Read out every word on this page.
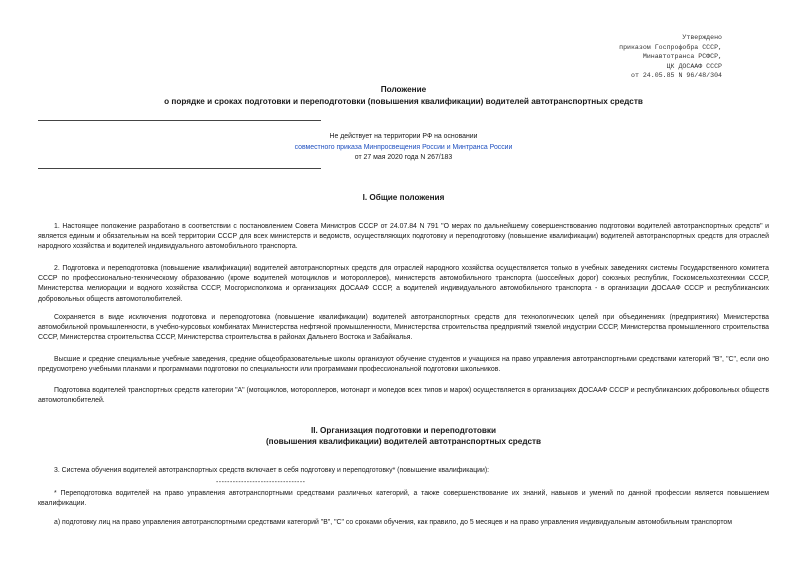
Утверждено
приказом Госпрофобра СССР,
Минавтотранса РСФСР,
ЦК ДОСААФ СССР
от 24.05.85 N 96/48/304
Положение
о порядке и сроках подготовки и переподготовки (повышения квалификации) водителей автотранспортных средств
Не действует на территории РФ на основании
совместного приказа Минпросвещения России и Минтранса России
от 27 мая 2020 года N 267/183
I. Общие положения

1. Настоящее положение разработано в соответствии с постановлением Совета Министров СССР от 24.07.84 N 791 "О мерах по дальнейшему совершенствованию подготовки водителей автотранспортных средств" и является единым и обязательным на всей территории СССР для всех министерств и ведомств, осуществляющих подготовку и переподготовку (повышение квалификации) водителей автотранспортных средств для отраслей народного хозяйства и водителей индивидуального автомобильного транспорта.

2. Подготовка и переподготовка (повышение квалификации) водителей автотранспортных средств для отраслей народного хозяйства осуществляется только в учебных заведениях системы Государственного комитета СССР по профессионально-техническому образованию (кроме водителей мотоциклов и мотороллеров), министерств автомобильного транспорта (шоссейных дорог) союзных республик, Госкомсельхозтехники СССР, Министерства мелиорации и водного хозяйства СССР, Мосгорисполкома и организациях ДОСААФ СССР, а водителей индивидуального автомобильного транспорта - в организации ДОСААФ СССР и республиканских добровольных обществ автомотолюбителей.

Сохраняется в виде исключения подготовка и переподготовка (повышение квалификации) водителей автотранспортных средств для технологических целей при объединениях (предприятиях) Министерства автомобильной промышленности, в учебно-курсовых комбинатах Министерства нефтяной промышленности, Министерства строительства предприятий тяжелой индустрии СССР, Министерства промышленного строительства СССР, Министерства строительства СССР, Министерства строительства в районах Дальнего Востока и Забайкалья.

Высшие и средние специальные учебные заведения, средние общеобразовательные школы организуют обучение студентов и учащихся на право управления автотранспортными средствами категорий "В", "С", если оно предусмотрено учебными планами и программами подготовки по специальности или программами профессиональной подготовки школьников.

Подготовка водителей транспортных средств категории "А" (мотоциклов, мотороллеров, мотонарт и мопедов всех типов и марок) осуществляется в организациях ДОСААФ СССР и республиканских добровольных обществ автомотолюбителей.

II. Организация подготовки и переподготовки
(повышения квалификации) водителей автотранспортных средств

3. Система обучения водителей автотранспортных средств включает в себя подготовку и переподготовку* (повышение квалификации):

--------------------------------

* Переподготовка водителей на право управления автотранспортными средствами различных категорий, а также совершенствование их знаний, навыков и умений по данной профессии является повышением квалификации.

а) подготовку лиц на право управления автотранспортными средствами категорий "В", "С" со сроками обучения, как правило, до 5 месяцев и на право управления индивидуальным автомобильным транспортом
